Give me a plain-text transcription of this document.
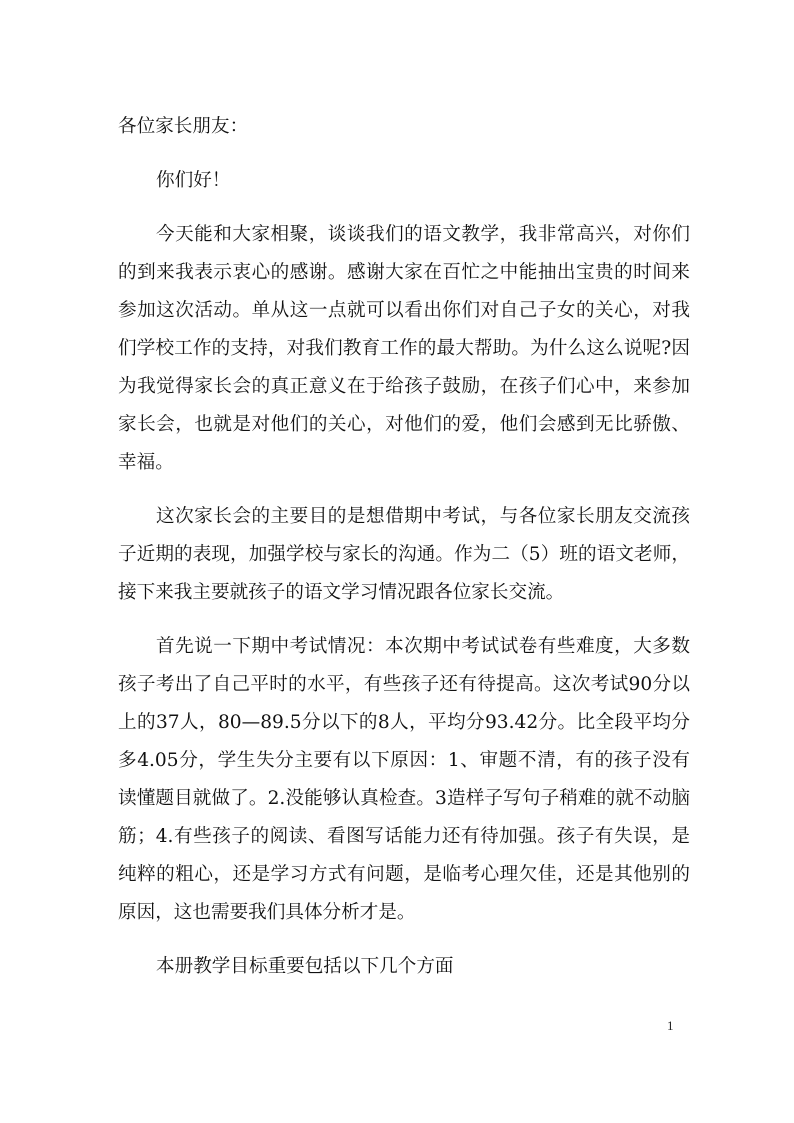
各位家长朋友：

你们好！

今天能和大家相聚，谈谈我们的语文教学，我非常高兴，对你们的到来我表示衷心的感谢。感谢大家在百忙之中能抽出宝贵的时间来参加这次活动。单从这一点就可以看出你们对自己子女的关心，对我们学校工作的支持，对我们教育工作的最大帮助。为什么这么说呢?因为我觉得家长会的真正意义在于给孩子鼓励，在孩子们心中，来参加家长会，也就是对他们的关心，对他们的爱，他们会感到无比骄傲、幸福。

这次家长会的主要目的是想借期中考试，与各位家长朋友交流孩子近期的表现，加强学校与家长的沟通。作为二（5）班的语文老师，接下来我主要就孩子的语文学习情况跟各位家长交流。

首先说一下期中考试情况：本次期中考试试卷有些难度，大多数孩子考出了自己平时的水平，有些孩子还有待提高。这次考试90分以上的37人，80—89.5分以下的8人，平均分93.42分。比全段平均分多4.05分，学生失分主要有以下原因：1、审题不清，有的孩子没有读懂题目就做了。2.没能够认真检查。3造样子写句子稍难的就不动脑筋；4.有些孩子的阅读、看图写话能力还有待加强。孩子有失误，是纯粹的粗心，还是学习方式有问题，是临考心理欠佳，还是其他别的原因，这也需要我们具体分析才是。

本册教学目标重要包括以下几个方面

1
